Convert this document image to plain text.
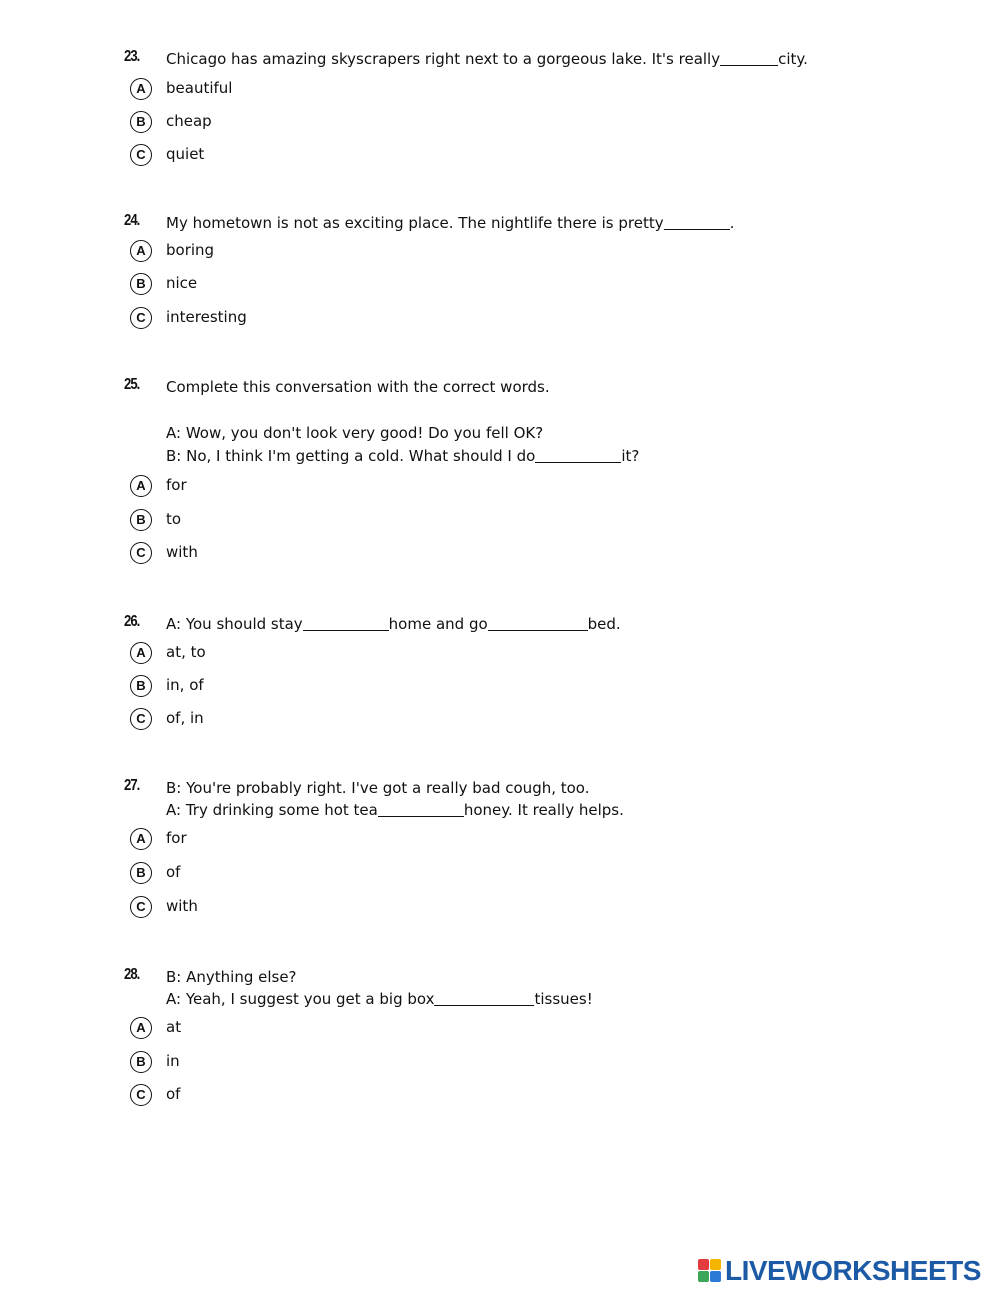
23. Chicago has amazing skyscrapers right next to a gorgeous lake. It's really	city.
A	beautiful
B	cheap
C	quiet
24. My hometown is not as exciting place. The nightlife there is pretty	.
A	boring
B	nice
C	interesting
25. Complete this conversation with the correct words.
A: Wow, you don't look very good! Do you fell OK?
B: No, I think I'm getting a cold. What should I do	it?
A	for
B	to
C	with
26. A: You should stay	home and go	bed.
A	at, to
B	in, of
C	of, in
27. B: You're probably right. I've got a really bad cough, too.
A: Try drinking some hot tea	honey. It really helps.
A	for
B	of
C	with
28. B: Anything else?
A: Yeah, I suggest you get a big box	tissues!
A	at
B	in
C	of
LIVEWORKSHEETS
